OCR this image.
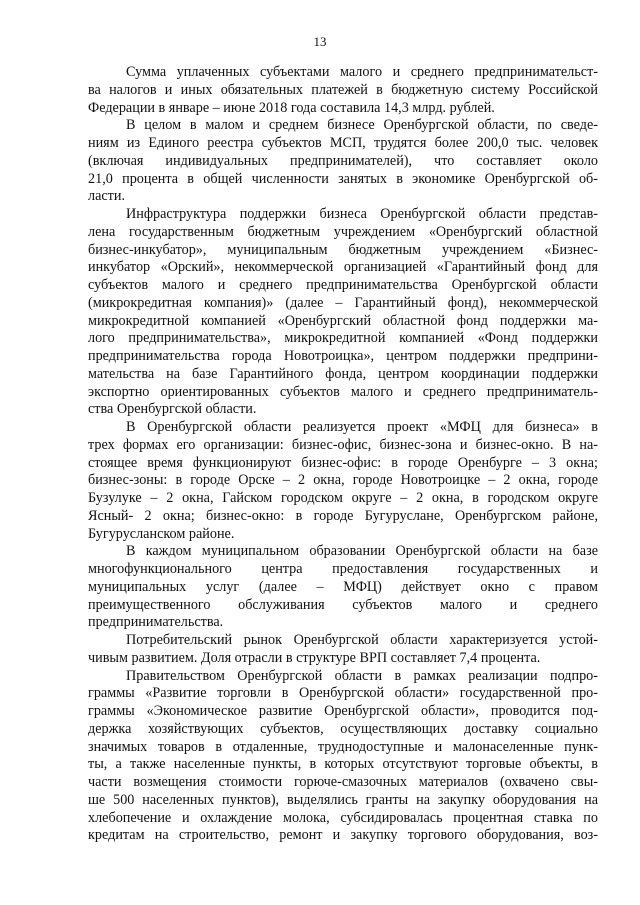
13
Сумма уплаченных субъектами малого и среднего предпринимательст-
ва налогов и иных обязательных платежей в бюджетную систему Российской
Федерации в январе – июне 2018 года составила 14,3 млрд. рублей.
В целом в малом и среднем бизнесе Оренбургской области, по сведе-
ниям из Единого реестра субъектов МСП, трудятся более 200,0 тыс. человек
(включая индивидуальных предпринимателей), что составляет около
21,0 процента в общей численности занятых в экономике Оренбургской об-
ласти.
Инфраструктура поддержки бизнеса Оренбургской области представ-
лена государственным бюджетным учреждением «Оренбургский областной
бизнес-инкубатор», муниципальным бюджетным учреждением «Бизнес-
инкубатор «Орский», некоммерческой организацией «Гарантийный фонд для
субъектов малого и среднего предпринимательства Оренбургской области
(микрокредитная компания)» (далее – Гарантийный фонд), некоммерческой
микрокредитной компанией «Оренбургский областной фонд поддержки ма-
лого предпринимательства», микрокредитной компанией «Фонд поддержки
предпринимательства города Новотроицка», центром поддержки предприни-
мательства на базе Гарантийного фонда, центром координации поддержки
экспортно ориентированных субъектов малого и среднего предприниматель-
ства Оренбургской области.
В Оренбургской области реализуется проект «МФЦ для бизнеса» в
трех формах его организации: бизнес-офис, бизнес-зона и бизнес-окно. В на-
стоящее время функционируют бизнес-офис: в городе Оренбурге – 3 окна;
бизнес-зоны: в городе Орске – 2 окна, городе Новотроицке – 2 окна, городе
Бузулуке – 2 окна, Гайском городском округе – 2 окна, в городском округе
Ясный- 2 окна; бизнес-окно: в городе Бугуруслане, Оренбургском районе,
Бугурусланском районе.
В каждом муниципальном образовании Оренбургской области на базе
многофункционального центра предоставления государственных и
муниципальных услуг (далее – МФЦ) действует окно с правом
преимущественного обслуживания субъектов малого и среднего
предпринимательства.
Потребительский рынок Оренбургской области характеризуется устой-
чивым развитием. Доля отрасли в структуре ВРП составляет 7,4 процента.
Правительством Оренбургской области в рамках реализации подпро-
граммы «Развитие торговли в Оренбургской области» государственной про-
граммы «Экономическое развитие Оренбургской области», проводится под-
держка хозяйствующих субъектов, осуществляющих доставку социально
значимых товаров в отдаленные, труднодоступные и малонаселенные пунк-
ты, а также населенные пункты, в которых отсутствуют торговые объекты, в
части возмещения стоимости горюче-смазочных материалов (охвачено свы-
ше 500 населенных пунктов), выделялись гранты на закупку оборудования на
хлебопечение и охлаждение молока, субсидировалась процентная ставка по
кредитам на строительство, ремонт и закупку торгового оборудования, воз-
